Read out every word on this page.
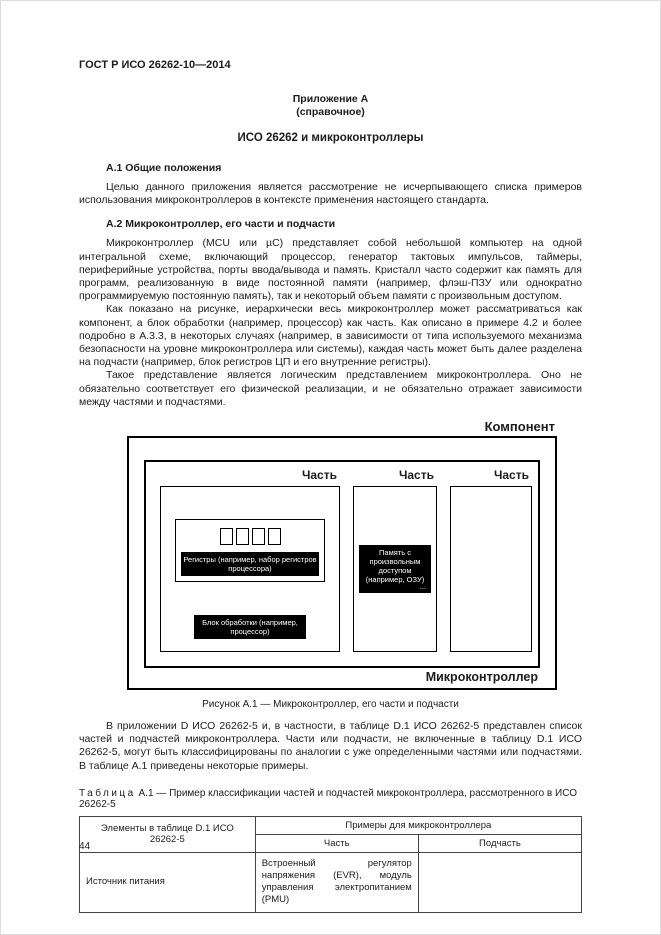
ГОСТ Р ИСО 26262-10—2014
Приложение А
(справочное)
ИСО 26262 и микроконтроллеры
А.1 Общие положения

Целью данного приложения является рассмотрение не исчерпывающего списка примеров использования микроконтроллеров в контексте применения настоящего стандарта.

А.2 Микроконтроллер, его части и подчасти

Микроконтроллер (MCU или µС) представляет собой небольшой компьютер на одной интегральной схеме, включающий процессор, генератор тактовых импульсов, таймеры, периферийные устройства, порты ввода/вывода и память. Кристалл часто содержит как память для программ, реализованную в виде постоянной памяти (например, флэш-ПЗУ или однократно программируемую постоянную память), так и некоторый объем памяти с произвольным доступом.

Как показано на рисунке, иерархически весь микроконтроллер может рассматриваться как компонент, а блок обработки (например, процессор) как часть. Как описано в примере 4.2 и более подробно в А.3.3, в некоторых случаях (например, в зависимости от типа используемого механизма безопасности на уровне микроконтроллера или системы), каждая часть может быть далее разделена на подчасти (например, блок регистров ЦП и его внутренние регистры).

Такое представление является логическим представлением микроконтроллера. Оно не обязательно соответствует его физической реализации, и не обязательно отражает зависимости между частями и подчастями.

Компонент
Часть
Регистры (например, набор регистров процессора)
Блок обработки (например, процессор)
Часть
Память с произвольным доступом (например, ОЗУ)
...
Часть
Микроконтроллер
Рисунок А.1 — Микроконтроллер, его части и подчасти

В приложении D ИСО 26262-5 и, в частности, в таблице D.1 ИСО 26262-5 представлен список частей и подчастей микроконтроллера. Части или подчасти, не включенные в таблицу D.1 ИСО 26262-5, могут быть классифицированы по аналогии с уже определенными частями или подчастями. В таблице А.1 приведены некоторые примеры.

Таблица А.1 — Пример классификации частей и подчастей микроконтроллера, рассмотренного в ИСО 26262-5
Элементы в таблице D.1 ИСО 26262-5	Примеры для микроконтроллера	
	Часть	Подчасть
Источник питания	Встроенный регулятор напряжения (EVR), модуль управления электропитанием (PMU)	
44
